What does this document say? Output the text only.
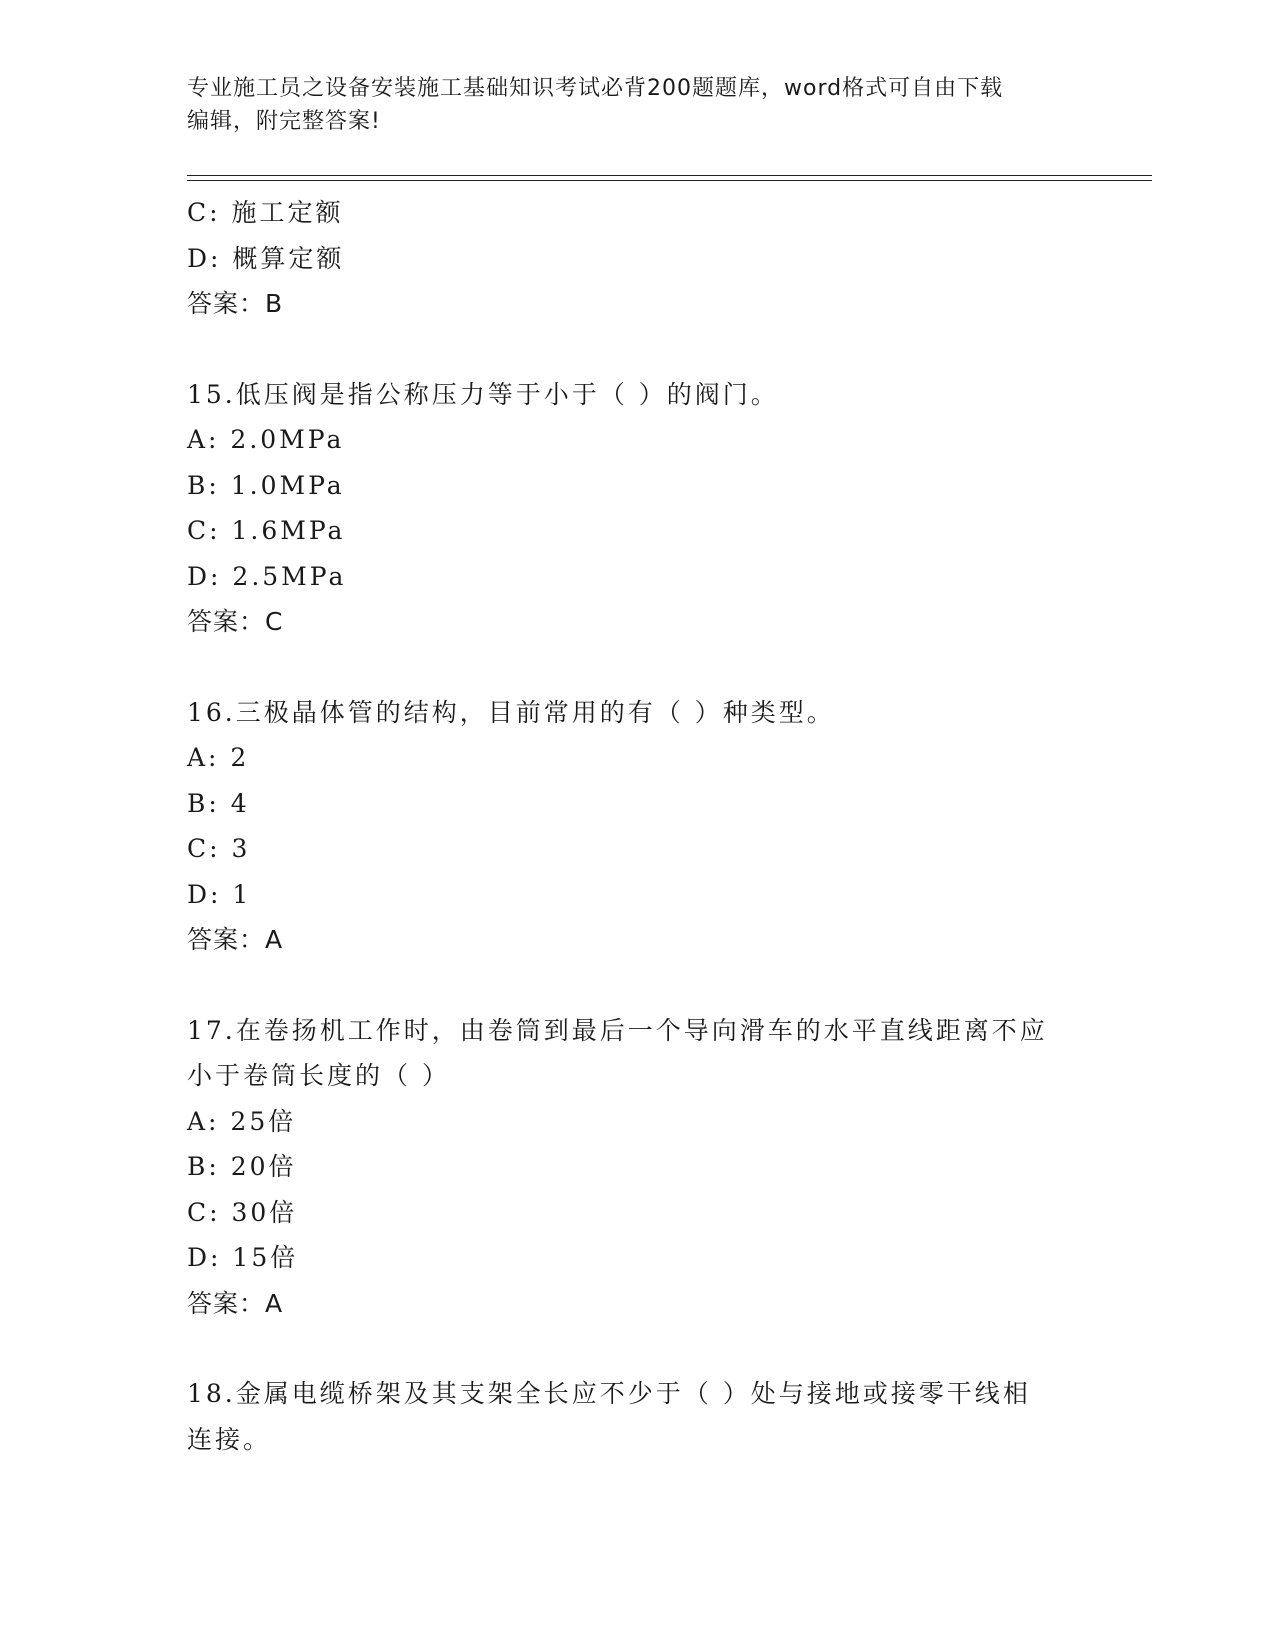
专业施工员之设备安装施工基础知识考试必背200题题库，word格式可自由下载
编辑，附完整答案!
C: 施工定额
D: 概算定额
答案：B
15.低压阀是指公称压力等于小于（ ）的阀门。
A: 2.0MPa
B: 1.0MPa
C: 1.6MPa
D: 2.5MPa
答案：C
16.三极晶体管的结构，目前常用的有（ ）种类型。
A: 2
B: 4
C: 3
D: 1
答案：A
17.在卷扬机工作时，由卷筒到最后一个导向滑车的水平直线距离不应
小于卷筒长度的（ ）
A: 25倍
B: 20倍
C: 30倍
D: 15倍
答案：A
18.金属电缆桥架及其支架全长应不少于（ ）处与接地或接零干线相
连接。
